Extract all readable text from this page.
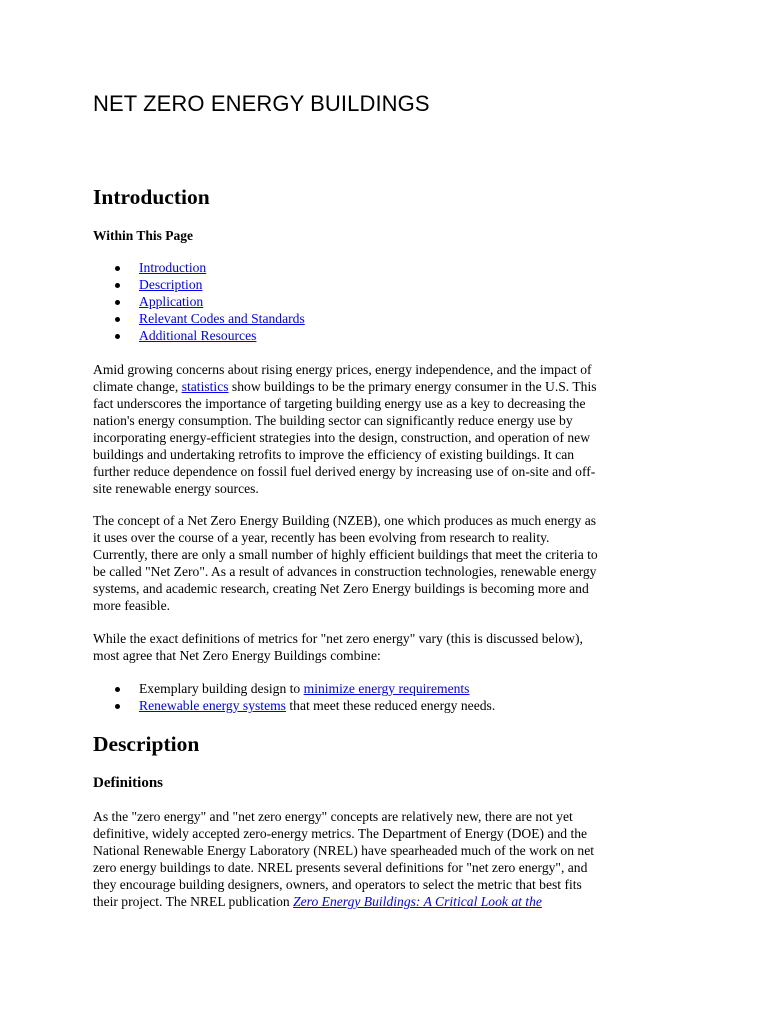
NET ZERO ENERGY BUILDINGS
Introduction
Within This Page
Introduction
Description
Application
Relevant Codes and Standards
Additional Resources
Amid growing concerns about rising energy prices, energy independence, and the impact of
climate change, statistics show buildings to be the primary energy consumer in the U.S. This
fact underscores the importance of targeting building energy use as a key to decreasing the
nation's energy consumption. The building sector can significantly reduce energy use by
incorporating energy-efficient strategies into the design, construction, and operation of new
buildings and undertaking retrofits to improve the efficiency of existing buildings. It can
further reduce dependence on fossil fuel derived energy by increasing use of on-site and off-
site renewable energy sources.
The concept of a Net Zero Energy Building (NZEB), one which produces as much energy as
it uses over the course of a year, recently has been evolving from research to reality.
Currently, there are only a small number of highly efficient buildings that meet the criteria to
be called "Net Zero". As a result of advances in construction technologies, renewable energy
systems, and academic research, creating Net Zero Energy buildings is becoming more and
more feasible.
While the exact definitions of metrics for "net zero energy" vary (this is discussed below),
most agree that Net Zero Energy Buildings combine:
Exemplary building design to minimize energy requirements
Renewable energy systems that meet these reduced energy needs.
Description
Definitions
As the "zero energy" and "net zero energy" concepts are relatively new, there are not yet
definitive, widely accepted zero-energy metrics. The Department of Energy (DOE) and the
National Renewable Energy Laboratory (NREL) have spearheaded much of the work on net
zero energy buildings to date. NREL presents several definitions for "net zero energy", and
they encourage building designers, owners, and operators to select the metric that best fits
their project. The NREL publication Zero Energy Buildings: A Critical Look at the
